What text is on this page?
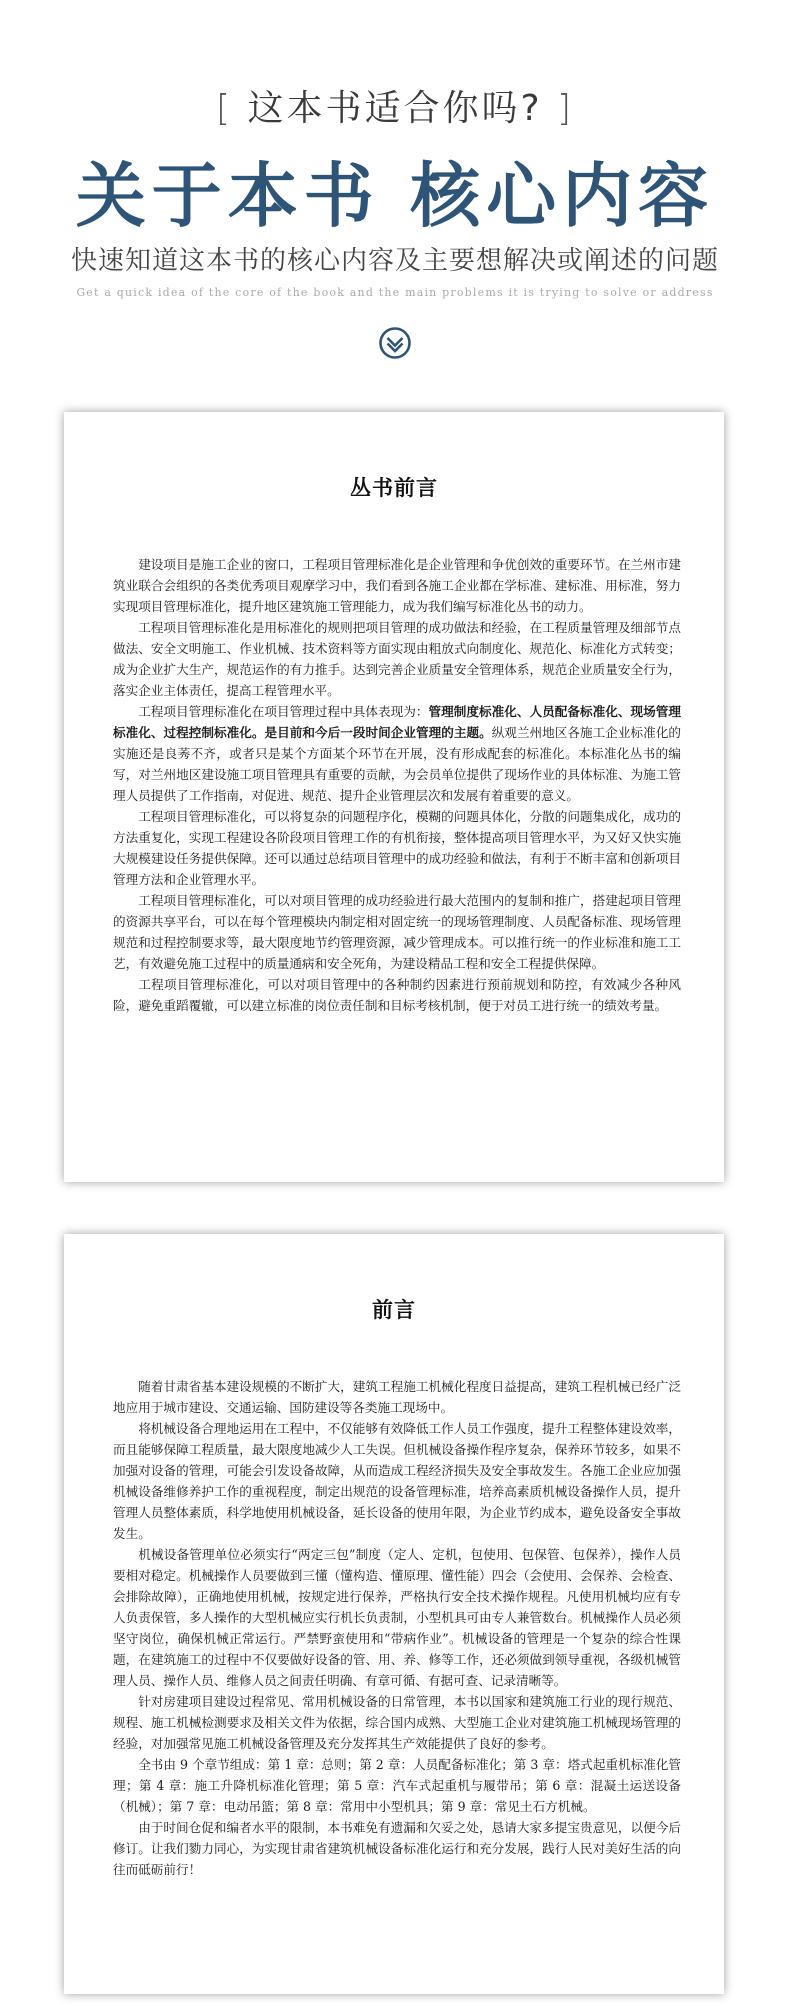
[ 这本书适合你吗? ]
关于本书 核心内容
快速知道这本书的核心内容及主要想解决或阐述的问题
Get a quick idea of the core of the book and the main problems it is trying to solve or address
丛书前言

建设项目是施工企业的窗口，工程项目管理标准化是企业管理和争优创效的重要环节。在兰州市建筑业联合会组织的各类优秀项目观摩学习中，我们看到各施工企业都在学标准、建标准、用标准，努力实现项目管理标准化，提升地区建筑施工管理能力，成为我们编写标准化丛书的动力。

工程项目管理标准化是用标准化的规则把项目管理的成功做法和经验，在工程质量管理及细部节点做法、安全文明施工、作业机械、技术资料等方面实现由粗放式向制度化、规范化、标准化方式转变；成为企业扩大生产，规范运作的有力推手。达到完善企业质量安全管理体系，规范企业质量安全行为，落实企业主体责任，提高工程管理水平。

工程项目管理标准化在项目管理过程中具体表现为：管理制度标准化、人员配备标准化、现场管理标准化、过程控制标准化。是目前和今后一段时间企业管理的主题。纵观兰州地区各施工企业标准化的实施还是良莠不齐，或者只是某个方面某个环节在开展，没有形成配套的标准化。本标准化丛书的编写，对兰州地区建设施工项目管理具有重要的贡献，为会员单位提供了现场作业的具体标准、为施工管理人员提供了工作指南，对促进、规范、提升企业管理层次和发展有着重要的意义。

工程项目管理标准化，可以将复杂的问题程序化，模糊的问题具体化，分散的问题集成化，成功的方法重复化，实现工程建设各阶段项目管理工作的有机衔接，整体提高项目管理水平，为又好又快实施大规模建设任务提供保障。还可以通过总结项目管理中的成功经验和做法，有利于不断丰富和创新项目管理方法和企业管理水平。

工程项目管理标准化，可以对项目管理的成功经验进行最大范围内的复制和推广，搭建起项目管理的资源共享平台，可以在每个管理模块内制定相对固定统一的现场管理制度、人员配备标准、现场管理规范和过程控制要求等，最大限度地节约管理资源，减少管理成本。可以推行统一的作业标准和施工工艺，有效避免施工过程中的质量通病和安全死角，为建设精品工程和安全工程提供保障。

工程项目管理标准化，可以对项目管理中的各种制约因素进行预前规划和防控，有效减少各种风险，避免重蹈覆辙，可以建立标准的岗位责任制和目标考核机制，便于对员工进行统一的绩效考量。

前言

随着甘肃省基本建设规模的不断扩大，建筑工程施工机械化程度日益提高，建筑工程机械已经广泛地应用于城市建设、交通运输、国防建设等各类施工现场中。

将机械设备合理地运用在工程中，不仅能够有效降低工作人员工作强度，提升工程整体建设效率，而且能够保障工程质量，最大限度地减少人工失误。但机械设备操作程序复杂，保养环节较多，如果不加强对设备的管理，可能会引发设备故障，从而造成工程经济损失及安全事故发生。各施工企业应加强机械设备维修养护工作的重视程度，制定出规范的设备管理标准，培养高素质机械设备操作人员，提升管理人员整体素质，科学地使用机械设备，延长设备的使用年限，为企业节约成本，避免设备安全事故发生。

机械设备管理单位必须实行“两定三包”制度（定人、定机，包使用、包保管、包保养），操作人员要相对稳定。机械操作人员要做到三懂（懂构造、懂原理、懂性能）四会（会使用、会保养、会检查、会排除故障），正确地使用机械，按规定进行保养，严格执行安全技术操作规程。凡使用机械均应有专人负责保管，多人操作的大型机械应实行机长负责制，小型机具可由专人兼管数台。机械操作人员必须坚守岗位，确保机械正常运行。严禁野蛮使用和“带病作业”。机械设备的管理是一个复杂的综合性课题，在建筑施工的过程中不仅要做好设备的管、用、养、修等工作，还必须做到领导重视，各级机械管理人员、操作人员、维修人员之间责任明确、有章可循、有据可查、记录清晰等。

针对房建项目建设过程常见、常用机械设备的日常管理，本书以国家和建筑施工行业的现行规范、规程、施工机械检测要求及相关文件为依据，综合国内成熟、大型施工企业对建筑施工机械现场管理的经验，对加强常见施工机械设备管理及充分发挥其生产效能提供了良好的参考。

全书由 9 个章节组成：第 1 章：总则；第 2 章：人员配备标准化；第 3 章：塔式起重机标准化管理；第 4 章：施工升降机标准化管理；第 5 章：汽车式起重机与履带吊；第 6 章：混凝土运送设备（机械）；第 7 章：电动吊篮；第 8 章：常用中小型机具；第 9 章：常见土石方机械。

由于时间仓促和编者水平的限制，本书难免有遗漏和欠妥之处，恳请大家多提宝贵意见，以便今后修订。让我们勠力同心，为实现甘肃省建筑机械设备标准化运行和充分发展，践行人民对美好生活的向往而砥砺前行！
